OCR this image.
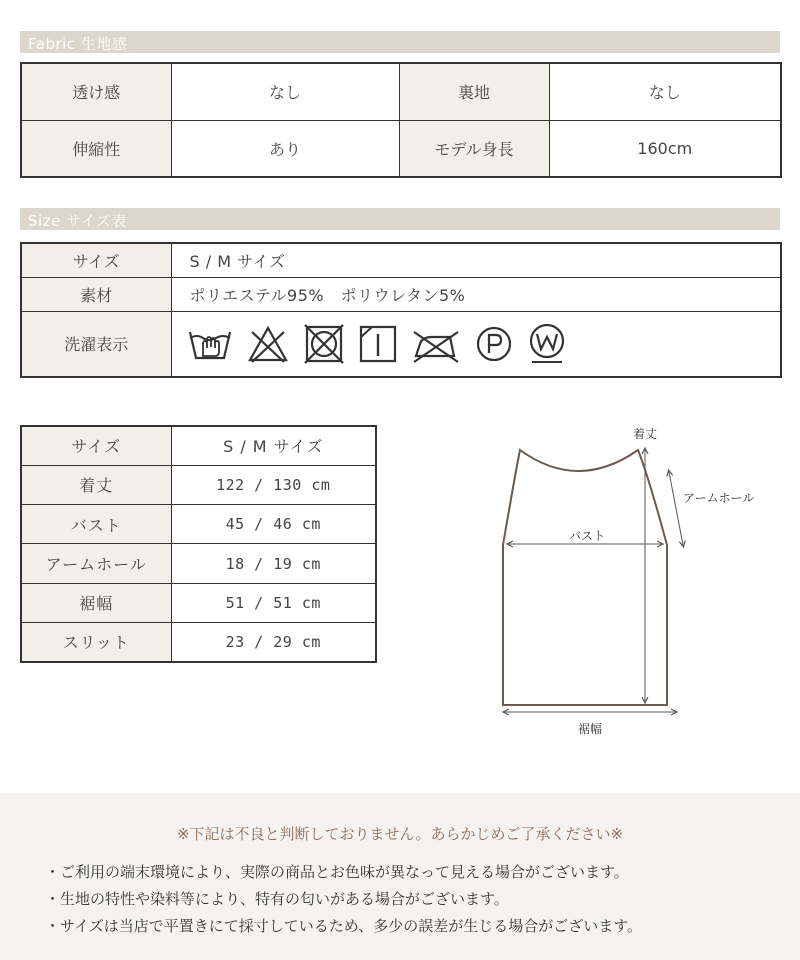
Fabric 生地感
透け感	なし	裏地	なし
伸縮性	あり	モデル身長	160cm
Size サイズ表
サイズ	S / M サイズ
素材	ポリエステル95%　ポリウレタン5%
洗濯表示	
サイズ	S / M サイズ
着丈	122 / 130 cm
バスト	45 / 46 cm
アームホール	18 / 19 cm
裾幅	51 / 51 cm
スリット	23 / 29 cm
着丈
アームホール
バスト
裾幅
※下記は不良と判断しておりません。あらかじめご了承ください※
・ご利用の端末環境により、実際の商品とお色味が異なって見える場合がございます。
・生地の特性や染料等により、特有の匂いがある場合がございます。
・サイズは当店で平置きにて採寸しているため、多少の誤差が生じる場合がございます。
